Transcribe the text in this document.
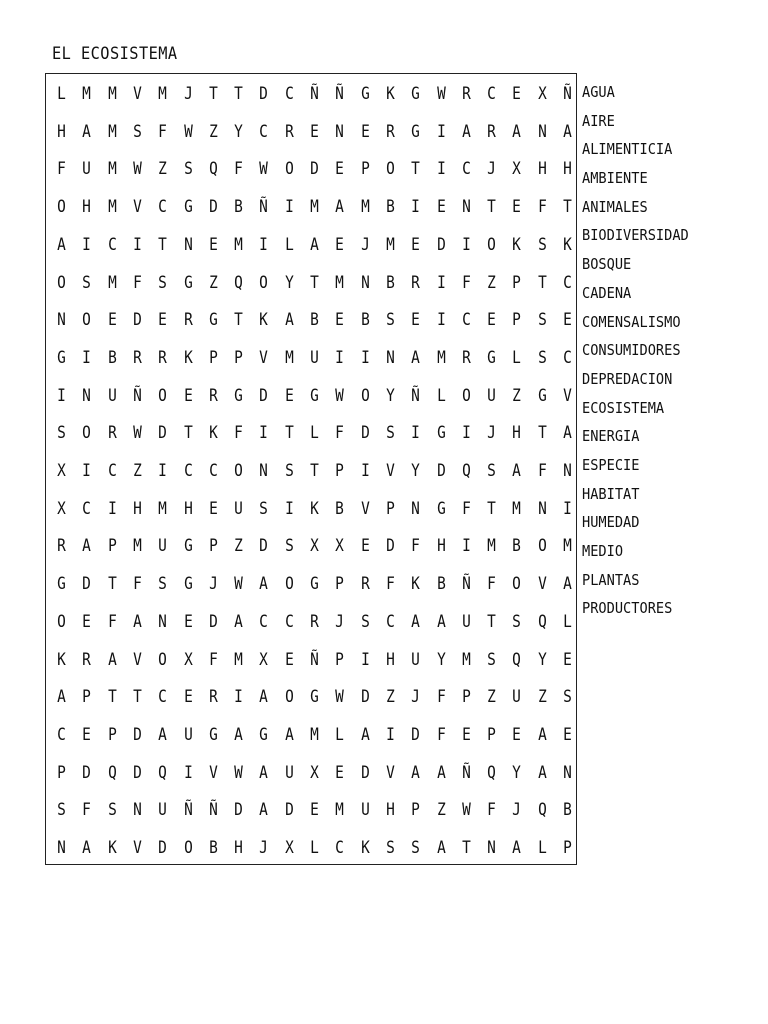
EL ECOSISTEMA
L M M V M J T T D C Ñ Ñ G K G W R C E X Ñ
H A M S F W Z Y C R E N E R G I A R A N A
F U M W Z S Q F W O D E P O T I C J X H H
O H M V C G D B Ñ I M A M B I E N T E F T
A I C I T N E M I L A E J M E D I O K S K
O S M F S G Z Q O Y T M N B R I F Z P T C
N O E D E R G T K A B E B S E I C E P S E
G I B R R K P P V M U I I N A M R G L S C
I N U Ñ O E R G D E G W O Y Ñ L O U Z G V
S O R W D T K F I T L F D S I G I J H T A
X I C Z I C C O N S T P I V Y D Q S A F N
X C I H M H E U S I K B V P N G F T M N I
R A P M U G P Z D S X X E D F H I M B O M
G D T F S G J W A O G P R F K B Ñ F O V A
O E F A N E D A C C R J S C A A U T S Q L
K R A V O X F M X E Ñ P I H U Y M S Q Y E
A P T T C E R I A O G W D Z J F P Z U Z S
C E P D A U G A G A M L A I D F E P E A E
P D Q D Q I V W A U X E D V A A Ñ Q Y A N
S F S N U Ñ Ñ D A D E M U H P Z W F J Q B
N A K V D O B H J X L C K S S A T N A L P
AGUA
AIRE
ALIMENTICIA
AMBIENTE
ANIMALES
BIODIVERSIDAD
BOSQUE
CADENA
COMENSALISMO
CONSUMIDORES
DEPREDACION
ECOSISTEMA
ENERGIA
ESPECIE
HABITAT
HUMEDAD
MEDIO
PLANTAS
PRODUCTORES
